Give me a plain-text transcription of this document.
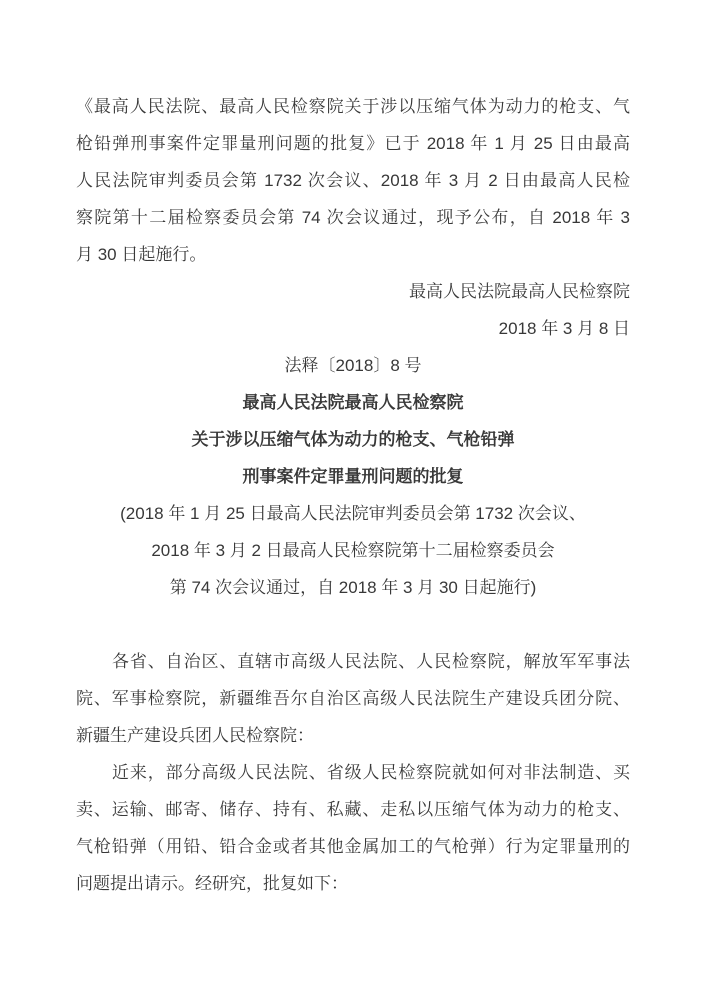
《最高人民法院、最高人民检察院关于涉以压缩气体为动力的枪支、气
枪铅弹刑事案件定罪量刑问题的批复》已于 2018 年 1 月 25 日由最高
人民法院审判委员会第 1732 次会议、2018 年 3 月 2 日由最高人民检
察院第十二届检察委员会第 74 次会议通过，现予公布，自 2018 年 3
月 30 日起施行。
最高人民法院最高人民检察院
2018 年 3 月 8 日
法释〔2018〕8 号
最高人民法院最高人民检察院
关于涉以压缩气体为动力的枪支、气枪铅弹
刑事案件定罪量刑问题的批复
(2018 年 1 月 25 日最高人民法院审判委员会第 1732 次会议、
2018 年 3 月 2 日最高人民检察院第十二届检察委员会
第 74 次会议通过，自 2018 年 3 月 30 日起施行)
各省、自治区、直辖市高级人民法院、人民检察院，解放军军事法
院、军事检察院，新疆维吾尔自治区高级人民法院生产建设兵团分院、
新疆生产建设兵团人民检察院：
近来，部分高级人民法院、省级人民检察院就如何对非法制造、买
卖、运输、邮寄、储存、持有、私藏、走私以压缩气体为动力的枪支、
气枪铅弹（用铅、铅合金或者其他金属加工的气枪弹）行为定罪量刑的
问题提出请示。经研究，批复如下：
